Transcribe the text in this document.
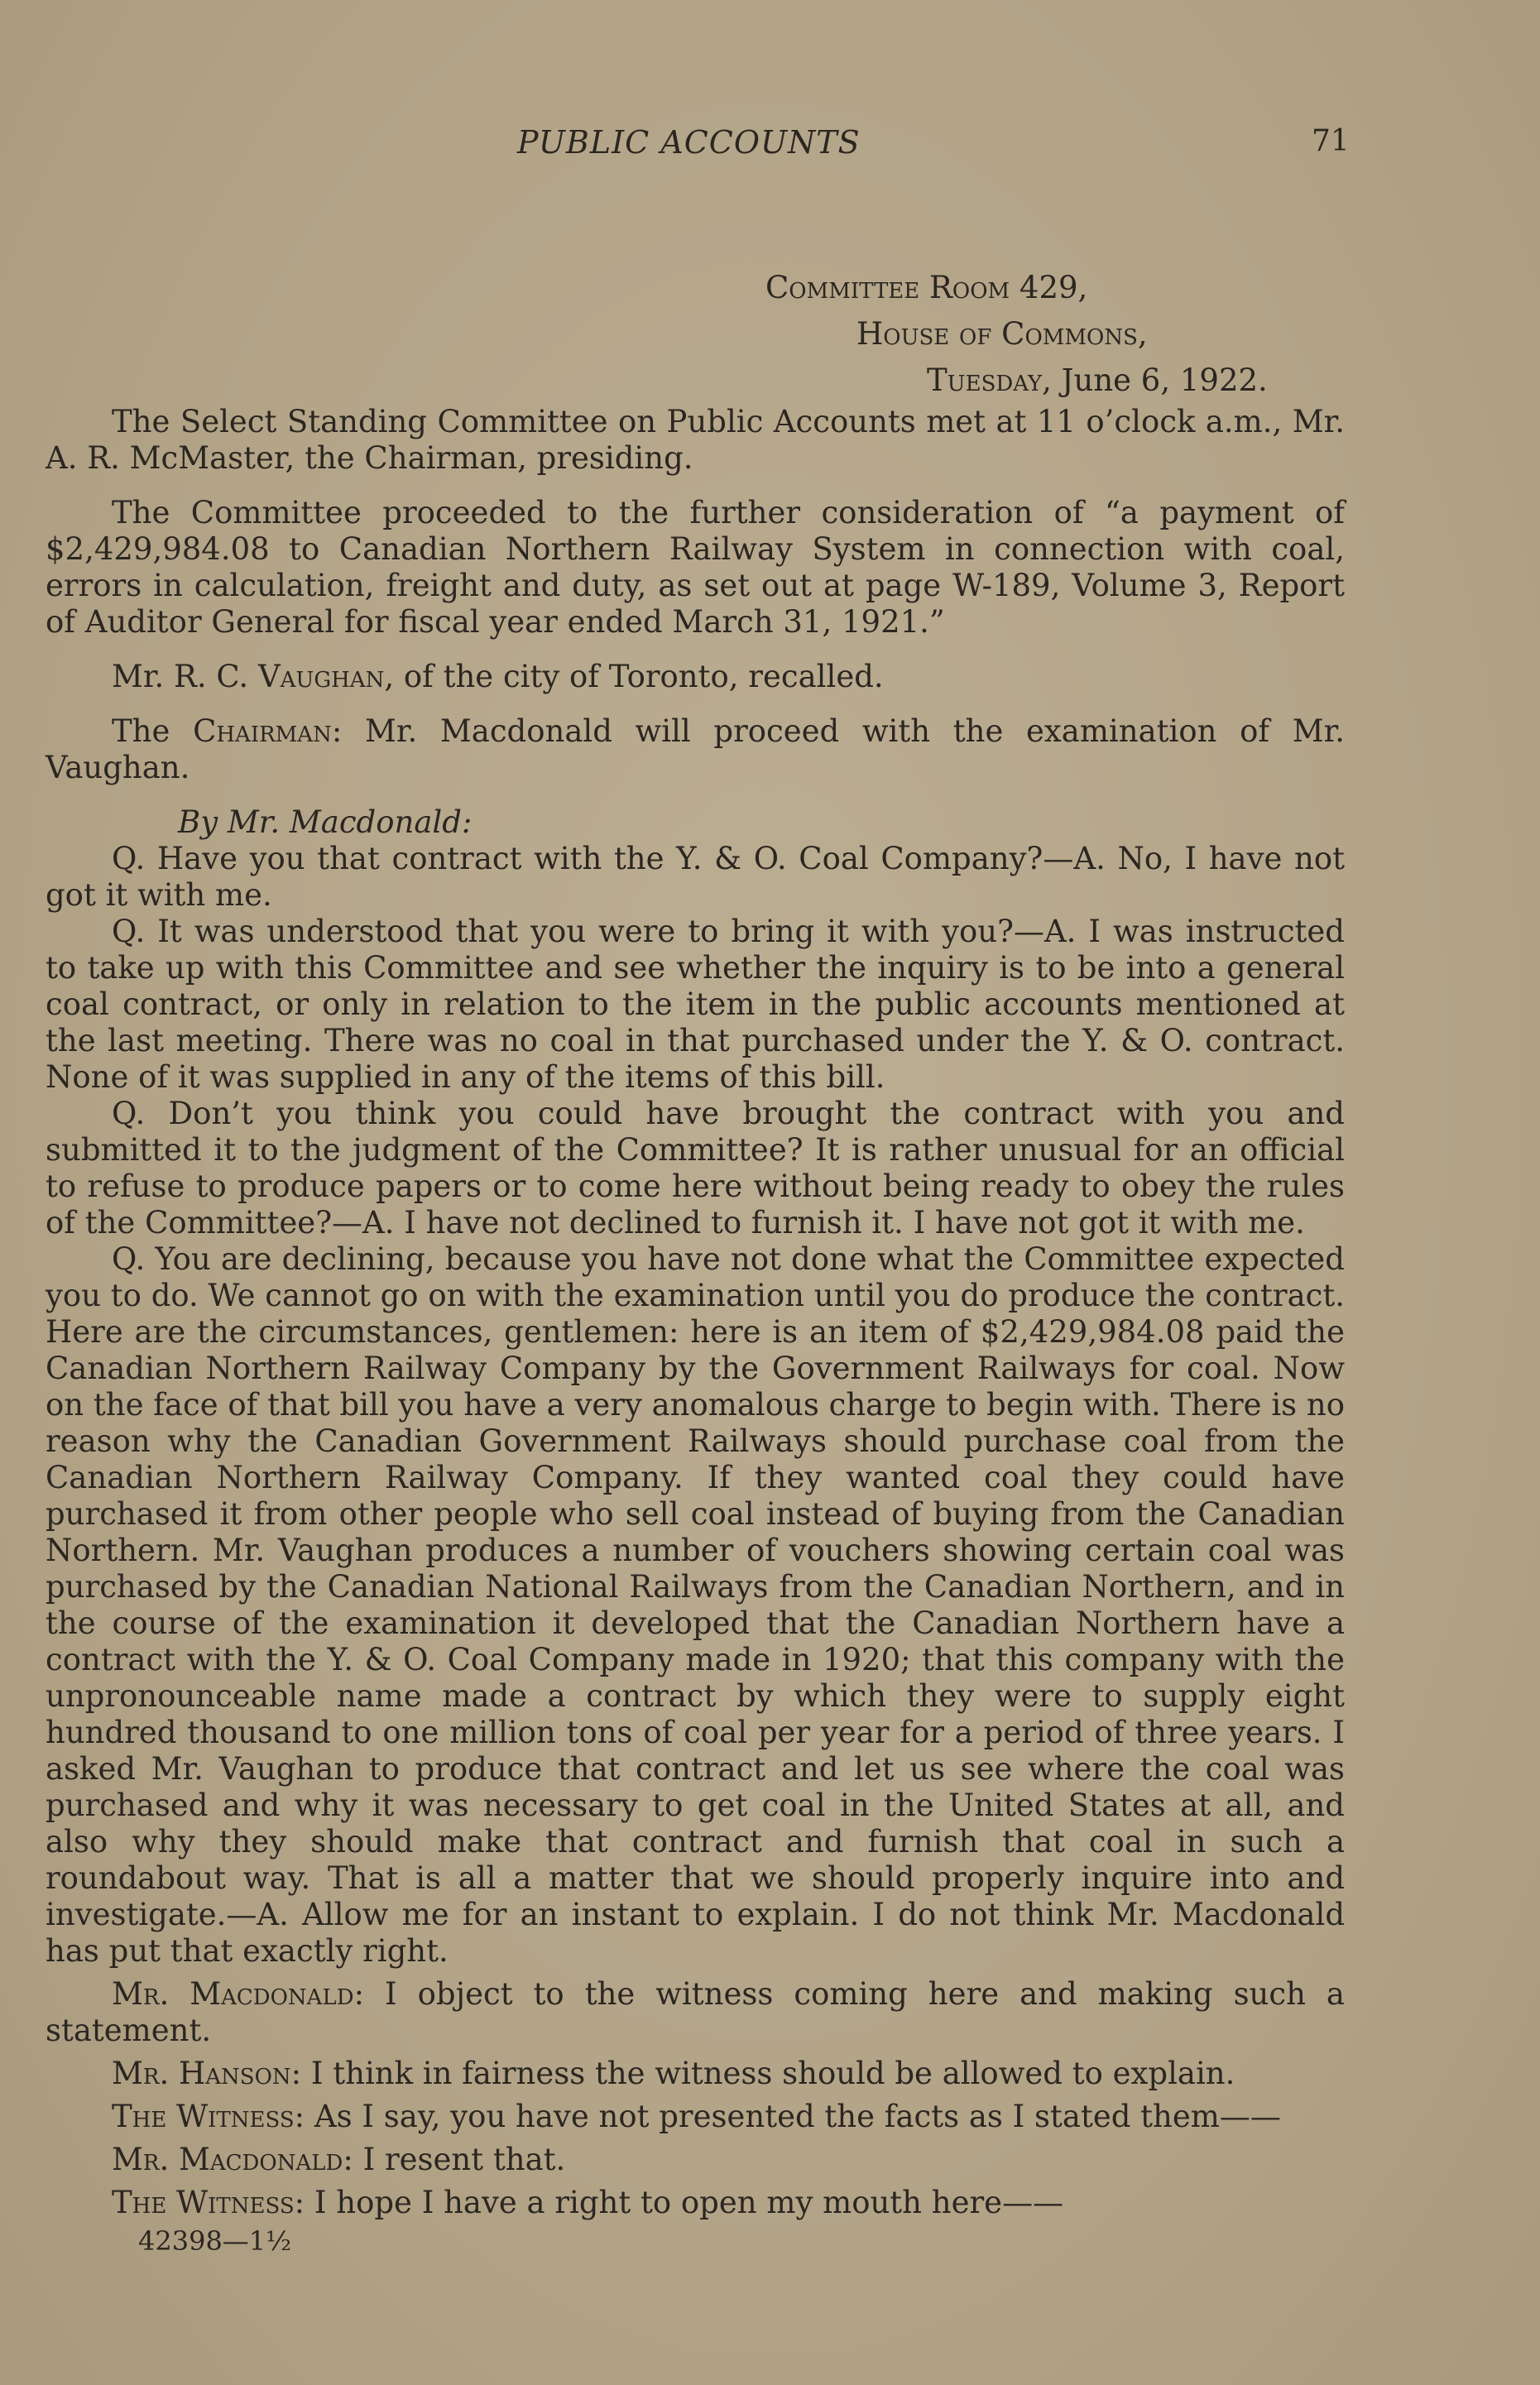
PUBLIC ACCOUNTS	71

Committee Room 429,

House of Commons,

Tuesday, June 6, 1922.

The Select Standing Committee on Public Accounts met at 11 o’clock a.m., Mr. A. R. McMaster, the Chairman, presiding.

The Committee proceeded to the further consideration of “a payment of $2,429,984.08 to Canadian Northern Railway System in connection with coal, errors in calculation, freight and duty, as set out at page W-189, Volume 3, Report of Auditor General for fiscal year ended March 31, 1921.”

Mr. R. C. Vaughan, of the city of Toronto, recalled.

The Chairman: Mr. Macdonald will proceed with the examination of Mr. Vaughan.

By Mr. Macdonald:

Q. Have you that contract with the Y. & O. Coal Company?—A. No, I have not got it with me.

Q. It was understood that you were to bring it with you?—A. I was instructed to take up with this Committee and see whether the inquiry is to be into a general coal contract, or only in relation to the item in the public accounts mentioned at the last meeting. There was no coal in that purchased under the Y. & O. contract. None of it was supplied in any of the items of this bill.

Q. Don’t you think you could have brought the contract with you and submitted it to the judgment of the Committee? It is rather unusual for an official to refuse to produce papers or to come here without being ready to obey the rules of the Committee?—A. I have not declined to furnish it. I have not got it with me.

Q. You are declining, because you have not done what the Committee expected you to do. We cannot go on with the examination until you do produce the contract. Here are the circumstances, gentlemen: here is an item of $2,429,984.08 paid the Canadian Northern Railway Company by the Government Railways for coal. Now on the face of that bill you have a very anomalous charge to begin with. There is no reason why the Canadian Government Railways should purchase coal from the Canadian Northern Railway Company. If they wanted coal they could have purchased it from other people who sell coal instead of buying from the Canadian Northern. Mr. Vaughan produces a number of vouchers showing certain coal was purchased by the Canadian National Railways from the Canadian Northern, and in the course of the examination it developed that the Canadian Northern have a contract with the Y. & O. Coal Company made in 1920; that this company with the unpronounceable name made a contract by which they were to supply eight hundred thousand to one million tons of coal per year for a period of three years. I asked Mr. Vaughan to produce that contract and let us see where the coal was purchased and why it was necessary to get coal in the United States at all, and also why they should make that contract and furnish that coal in such a roundabout way. That is all a matter that we should properly inquire into and investigate.—A. Allow me for an instant to explain. I do not think Mr. Macdonald has put that exactly right.

Mr. Macdonald: I object to the witness coming here and making such a statement.

Mr. Hanson: I think in fairness the witness should be allowed to explain.

The Witness: As I say, you have not presented the facts as I stated them——

Mr. Macdonald: I resent that.

The Witness: I hope I have a right to open my mouth here——

42398—1½
